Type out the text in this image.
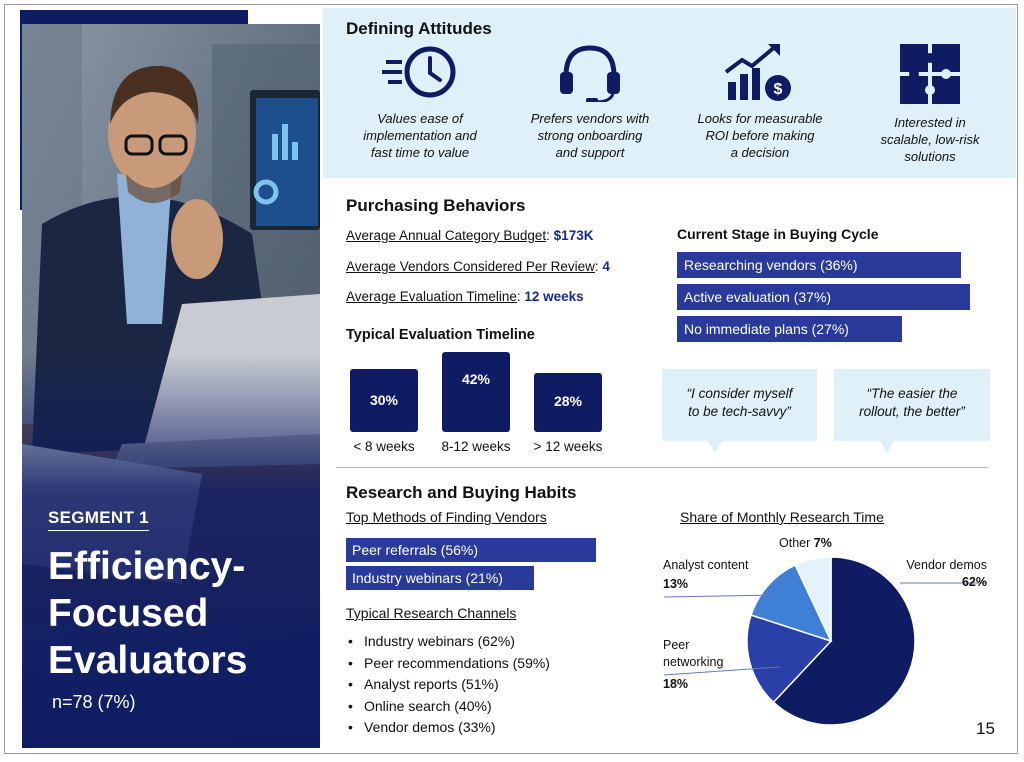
SEGMENT 1
Efficiency-
Focused
Evaluators
n=78 (7%)
Defining Attitudes
Values ease of
implementation and
fast time to value
Prefers vendors with
strong onboarding
and support
$
Looks for measurable
ROI before making
a decision
Interested in
scalable, low-risk
solutions
Purchasing Behaviors
Average Annual Category Budget: $173K
Average Vendors Considered Per Review: 4
Average Evaluation Timeline: 12 weeks
Current Stage in Buying Cycle
Researching vendors (36%)
Active evaluation (37%)
No immediate plans (27%)
Typical Evaluation Timeline
30%
42%
28%
< 8 weeks	8-12 weeks	> 12 weeks
“I consider myself
to be tech-savvy”
“The easier the
rollout, the better”
Research and Buying Habits
Top Methods of Finding Vendors
Peer referrals (56%)
Industry webinars (21%)
Typical Research Channels
• Industry webinars (62%)
• Peer recommendations (59%)
• Analyst reports (51%)
• Online search (40%)
• Vendor demos (33%)
Share of Monthly Research Time
Vendor demos
62%
Peer
networking
18%
Analyst content
13%
Other 7%
15
